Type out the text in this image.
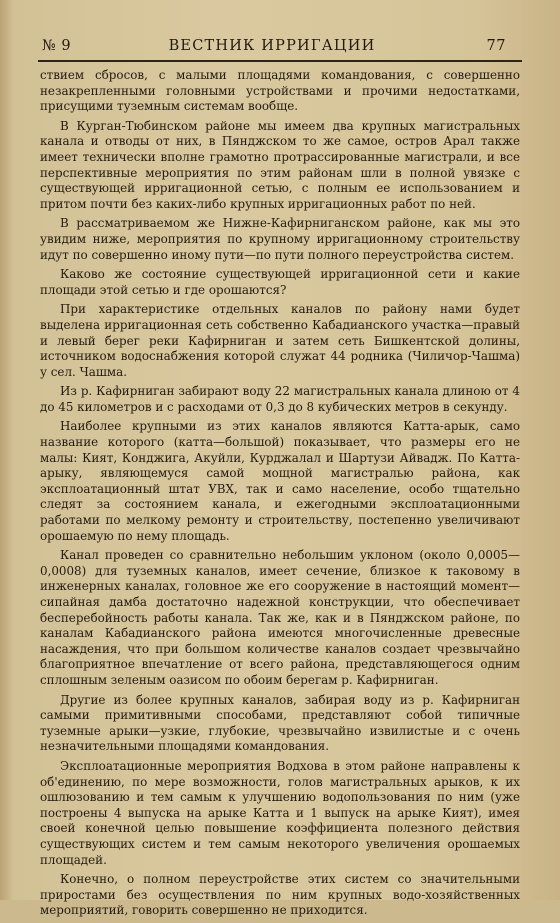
№ 9	ВЕСТНИК ИРРИГАЦИИ	77

ствием сбросов, с малыми площадями командования, с совершенно незакрепленными головными устройствами и прочими недостатками, присущими туземным системам вообще.

В Курган-Тюбинском районе мы имеем два крупных магистральных канала и отводы от них, в Пянджском то же самое, остров Арал также имеет технически вполне грамотно протрассированные магистрали, и все перспективные мероприятия по этим районам шли в полной увязке с существующей ирригационной сетью, с полным ее использованием и притом почти без каких-либо крупных ирригационных работ по ней.

В рассматриваемом же Нижне-Кафирниганском районе, как мы это увидим ниже, мероприятия по крупному ирригационному строительству идут по совершенно иному пути—по пути полного переустройства систем.

Каково же состояние существующей ирригационной сети и какие площади этой сетью и где орошаются?

При характеристике отдельных каналов по району нами будет выделена ирригационная сеть собственно Кабадианского участка—правый и левый берег реки Кафирниган и затем сеть Бишкентской долины, источником водоснабжения которой служат 44 родника (Чиличор-Чашма) у сел. Чашма.

Из р. Кафирниган забирают воду 22 магистральных канала длиною от 4 до 45 километров и с расходами от 0,3 до 8 кубических метров в секунду.

Наиболее крупными из этих каналов являются Катта-арык, само название которого (катта—большой) показывает, что размеры его не малы: Кият, Конджига, Акуйли, Курджалал и Шартузи Айвадж. По Катта-арыку, являющемуся самой мощной магистралью района, как эксплоатационный штат УВХ, так и само население, особо тщательно следят за состоянием канала, и ежегодными эксплоатационными работами по мелкому ремонту и строительству, постепенно увеличивают орошаемую по нему площадь.

Канал проведен со сравнительно небольшим уклоном (около 0,0005—0,0008) для туземных каналов, имеет сечение, близкое к таковому в инженерных каналах, головное же его сооружение в настоящий момент—сипайная дамба достаточно надежной конструкции, что обеспечивает бесперебойность работы канала. Так же, как и в Пянджском районе, по каналам Кабадианского района имеются многочисленные древесные насаждения, что при большом количестве каналов создает чрезвычайно благоприятное впечатление от всего района, представляющегося одним сплошным зеленым оазисом по обоим берегам р. Кафирниган.

Другие из более крупных каналов, забирая воду из р. Кафирниган самыми примитивными способами, представляют собой типичные туземные арыки—узкие, глубокие, чрезвычайно извилистые и с очень незначительными площадями командования.

Эксплоатационные мероприятия Водхова в этом районе направлены к об'единению, по мере возможности, голов магистральных арыков, к их ошлюзованию и тем самым к улучшению водопользования по ним (уже построены 4 выпуска на арыке Катта и 1 выпуск на арыке Кият), имея своей конечной целью повышение коэффициента полезного действия существующих систем и тем самым некоторого увеличения орошаемых площадей.

Конечно, о полном переустройстве этих систем со значительными приростами без осуществления по ним крупных водо-хозяйственных мероприятий, говорить совершенно не приходится.
